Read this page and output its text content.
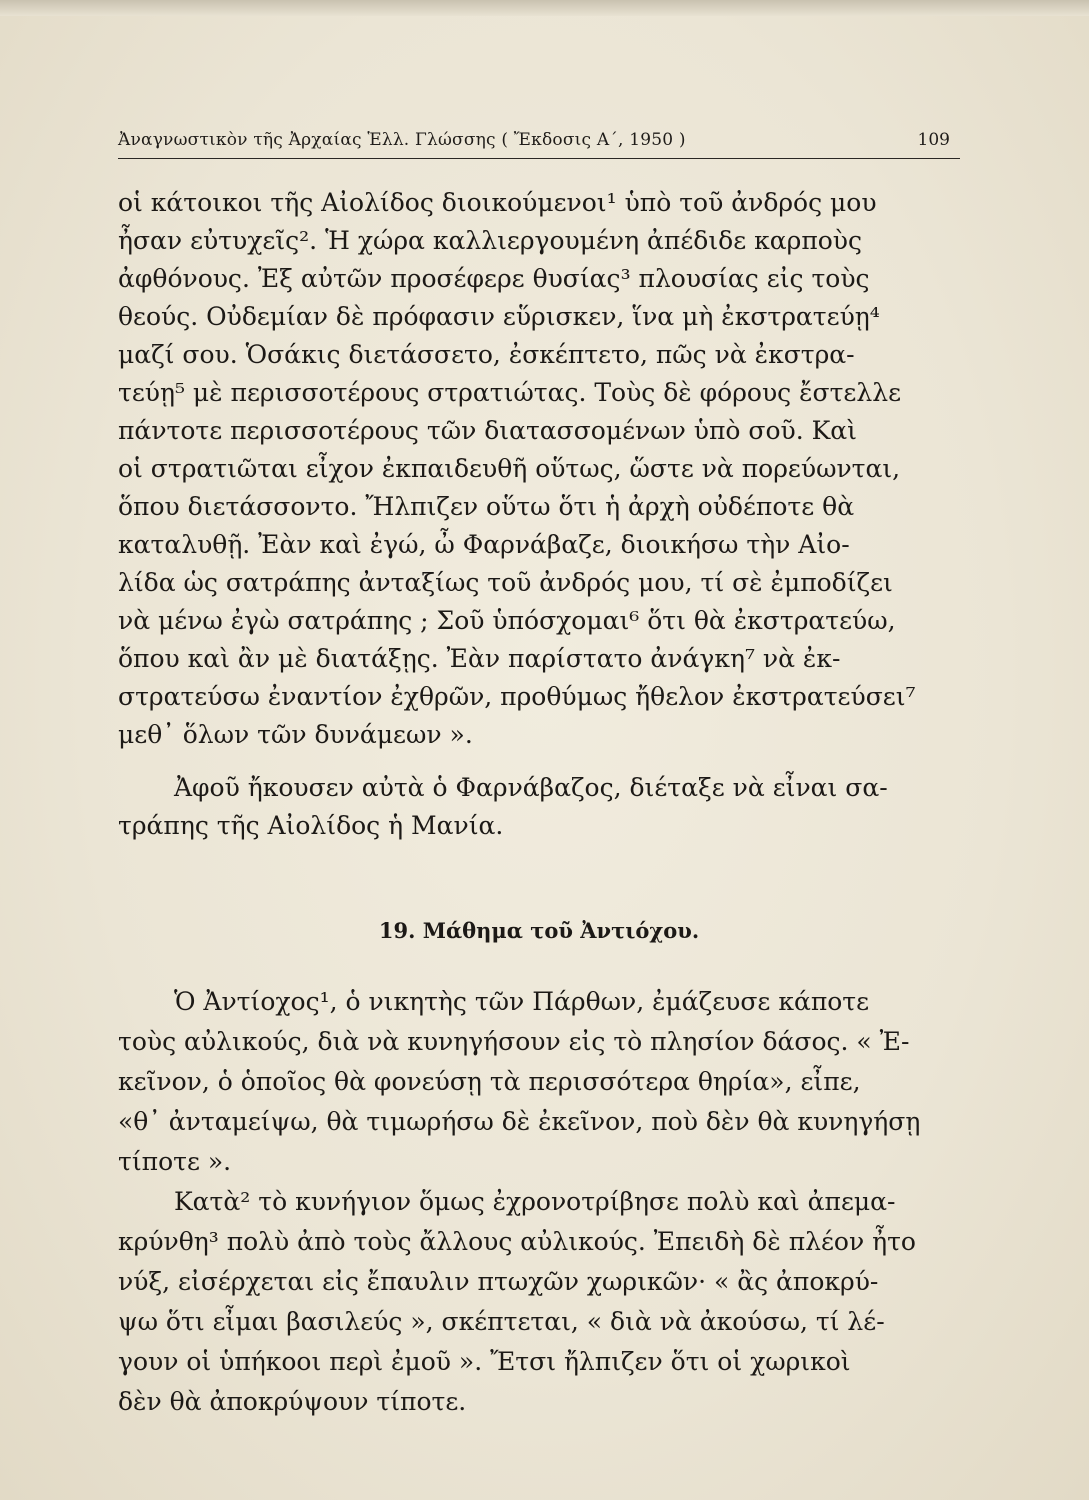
Ἀναγνωστικὸν τῆς Ἀρχαίας Ἑλλ. Γλώσσης ( Ἔκδοσις Α΄, 1950 )	109
οἱ κάτοικοι τῆς Αἰολίδος διοικούμενοι¹ ὑπὸ τοῦ ἀνδρός μου
ἦσαν εὐτυχεῖς². Ἡ χώρα καλλιεργουμένη ἀπέδιδε καρποὺς
ἀφθόνους. Ἐξ αὐτῶν προσέφερε θυσίας³ πλουσίας εἰς τοὺς
θεούς. Οὐδεμίαν δὲ πρόφασιν εὕρισκεν, ἵνα μὴ ἐκστρατεύῃ⁴
μαζί σου. Ὁσάκις διετάσσετο, ἐσκέπτετο, πῶς νὰ ἐκστρα-
τεύῃ⁵ μὲ περισσοτέρους στρατιώτας. Τοὺς δὲ φόρους ἔστελλε
πάντοτε περισσοτέρους τῶν διατασσομένων ὑπὸ σοῦ. Καὶ
οἱ στρατιῶται εἶχον ἐκπαιδευθῆ οὕτως, ὥστε νὰ πορεύωνται,
ὅπου διετάσσοντο. Ἤλπιζεν οὕτω ὅτι ἡ ἀρχὴ οὐδέποτε θὰ
καταλυθῇ. Ἐὰν καὶ ἐγώ, ὦ Φαρνάβαζε, διοικήσω τὴν Αἰο-
λίδα ὡς σατράπης ἀνταξίως τοῦ ἀνδρός μου, τί σὲ ἐμποδίζει
νὰ μένω ἐγὼ σατράπης ; Σοῦ ὑπόσχομαι⁶ ὅτι θὰ ἐκστρατεύω,
ὅπου καὶ ἂν μὲ διατάξῃς. Ἐὰν παρίστατο ἀνάγκη⁷ νὰ ἐκ-
στρατεύσω ἐναντίον ἐχθρῶν, προθύμως ἤθελον ἐκστρατεύσει⁷
μεθ᾽ ὅλων τῶν δυνάμεων ».
Ἀφοῦ ἤκουσεν αὐτὰ ὁ Φαρνάβαζος, διέταξε νὰ εἶναι σα-
τράπης τῆς Αἰολίδος ἡ Μανία.
19. Μάθημα τοῦ Ἀντιόχου.
Ὁ Ἀντίοχος¹, ὁ νικητὴς τῶν Πάρθων, ἐμάζευσε κάποτε
τοὺς αὐλικούς, διὰ νὰ κυνηγήσουν εἰς τὸ πλησίον δάσος. « Ἐ-
κεῖνον, ὁ ὁποῖος θὰ φονεύσῃ τὰ περισσότερα θηρία», εἶπε,
«θ᾽ ἀνταμείψω, θὰ τιμωρήσω δὲ ἐκεῖνον, ποὺ δὲν θὰ κυνηγήσῃ
τίποτε ».
Κατὰ² τὸ κυνήγιον ὅμως ἐχρονοτρίβησε πολὺ καὶ ἀπεμα-
κρύνθη³ πολὺ ἀπὸ τοὺς ἄλλους αὐλικούς. Ἐπειδὴ δὲ πλέον ἦτο
νύξ, εἰσέρχεται εἰς ἔπαυλιν πτωχῶν χωρικῶν· « ἂς ἀποκρύ-
ψω ὅτι εἶμαι βασιλεύς », σκέπτεται, « διὰ νὰ ἀκούσω, τί λέ-
γουν οἱ ὑπήκοοι περὶ ἐμοῦ ». Ἔτσι ἤλπιζεν ὅτι οἱ χωρικοὶ
δὲν θὰ ἀποκρύψουν τίποτε.
